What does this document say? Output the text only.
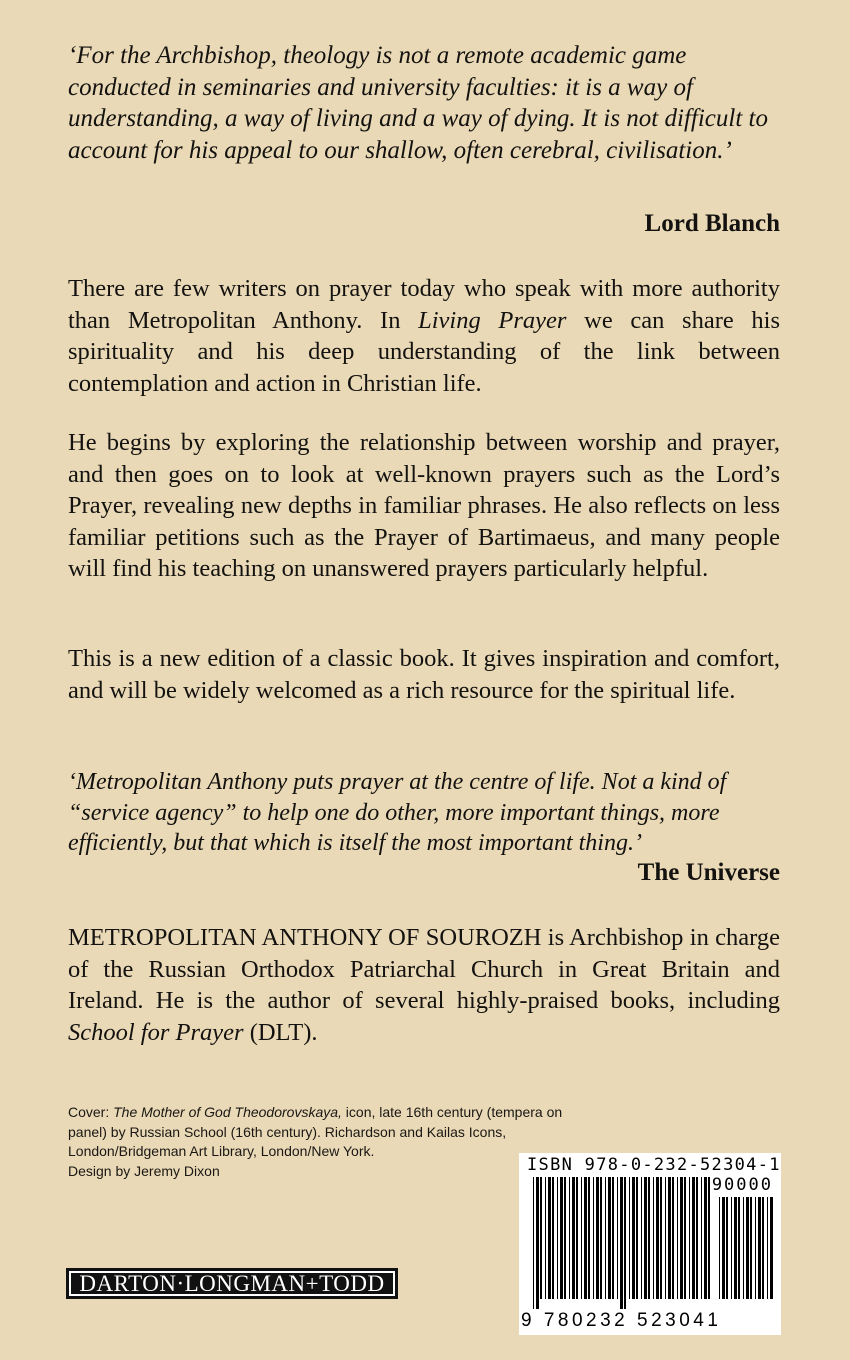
‘For the Archbishop, theology is not a remote academic game conducted in seminaries and university faculties: it is a way of understanding, a way of living and a way of dying. It is not difficult to account for his appeal to our shallow, often cerebral, civilisation.’

Lord Blanch

There are few writers on prayer today who speak with more authority than Metropolitan Anthony. In Living Prayer we can share his spirituality and his deep understanding of the link between contemplation and action in Christian life.

He begins by exploring the relationship between worship and prayer, and then goes on to look at well-known prayers such as the Lord’s Prayer, revealing new depths in familiar phrases. He also reflects on less familiar petitions such as the Prayer of Bartimaeus, and many people will find his teaching on unanswered prayers particularly helpful.

This is a new edition of a classic book. It gives inspiration and comfort, and will be widely welcomed as a rich resource for the spiritual life.

‘Metropolitan Anthony puts prayer at the centre of life. Not a kind of “service agency” to help one do other, more important things, more efficiently, but that which is itself the most important thing.’

The Universe

METROPOLITAN ANTHONY OF SOUROZH is Archbishop in charge of the Russian Orthodox Patriarchal Church in Great Britain and Ireland. He is the author of several highly-praised books, including School for Prayer (DLT).

Cover: The Mother of God Theodorovskaya, icon, late 16th century (tempera on panel) by Russian School (16th century). Richardson and Kailas Icons, London/Bridgeman Art Library, London/New York.

Design by Jeremy Dixon

DARTON·LONGMAN+TODD
ISBN 978-0-232-52304-1
90000
9 780232 523041
